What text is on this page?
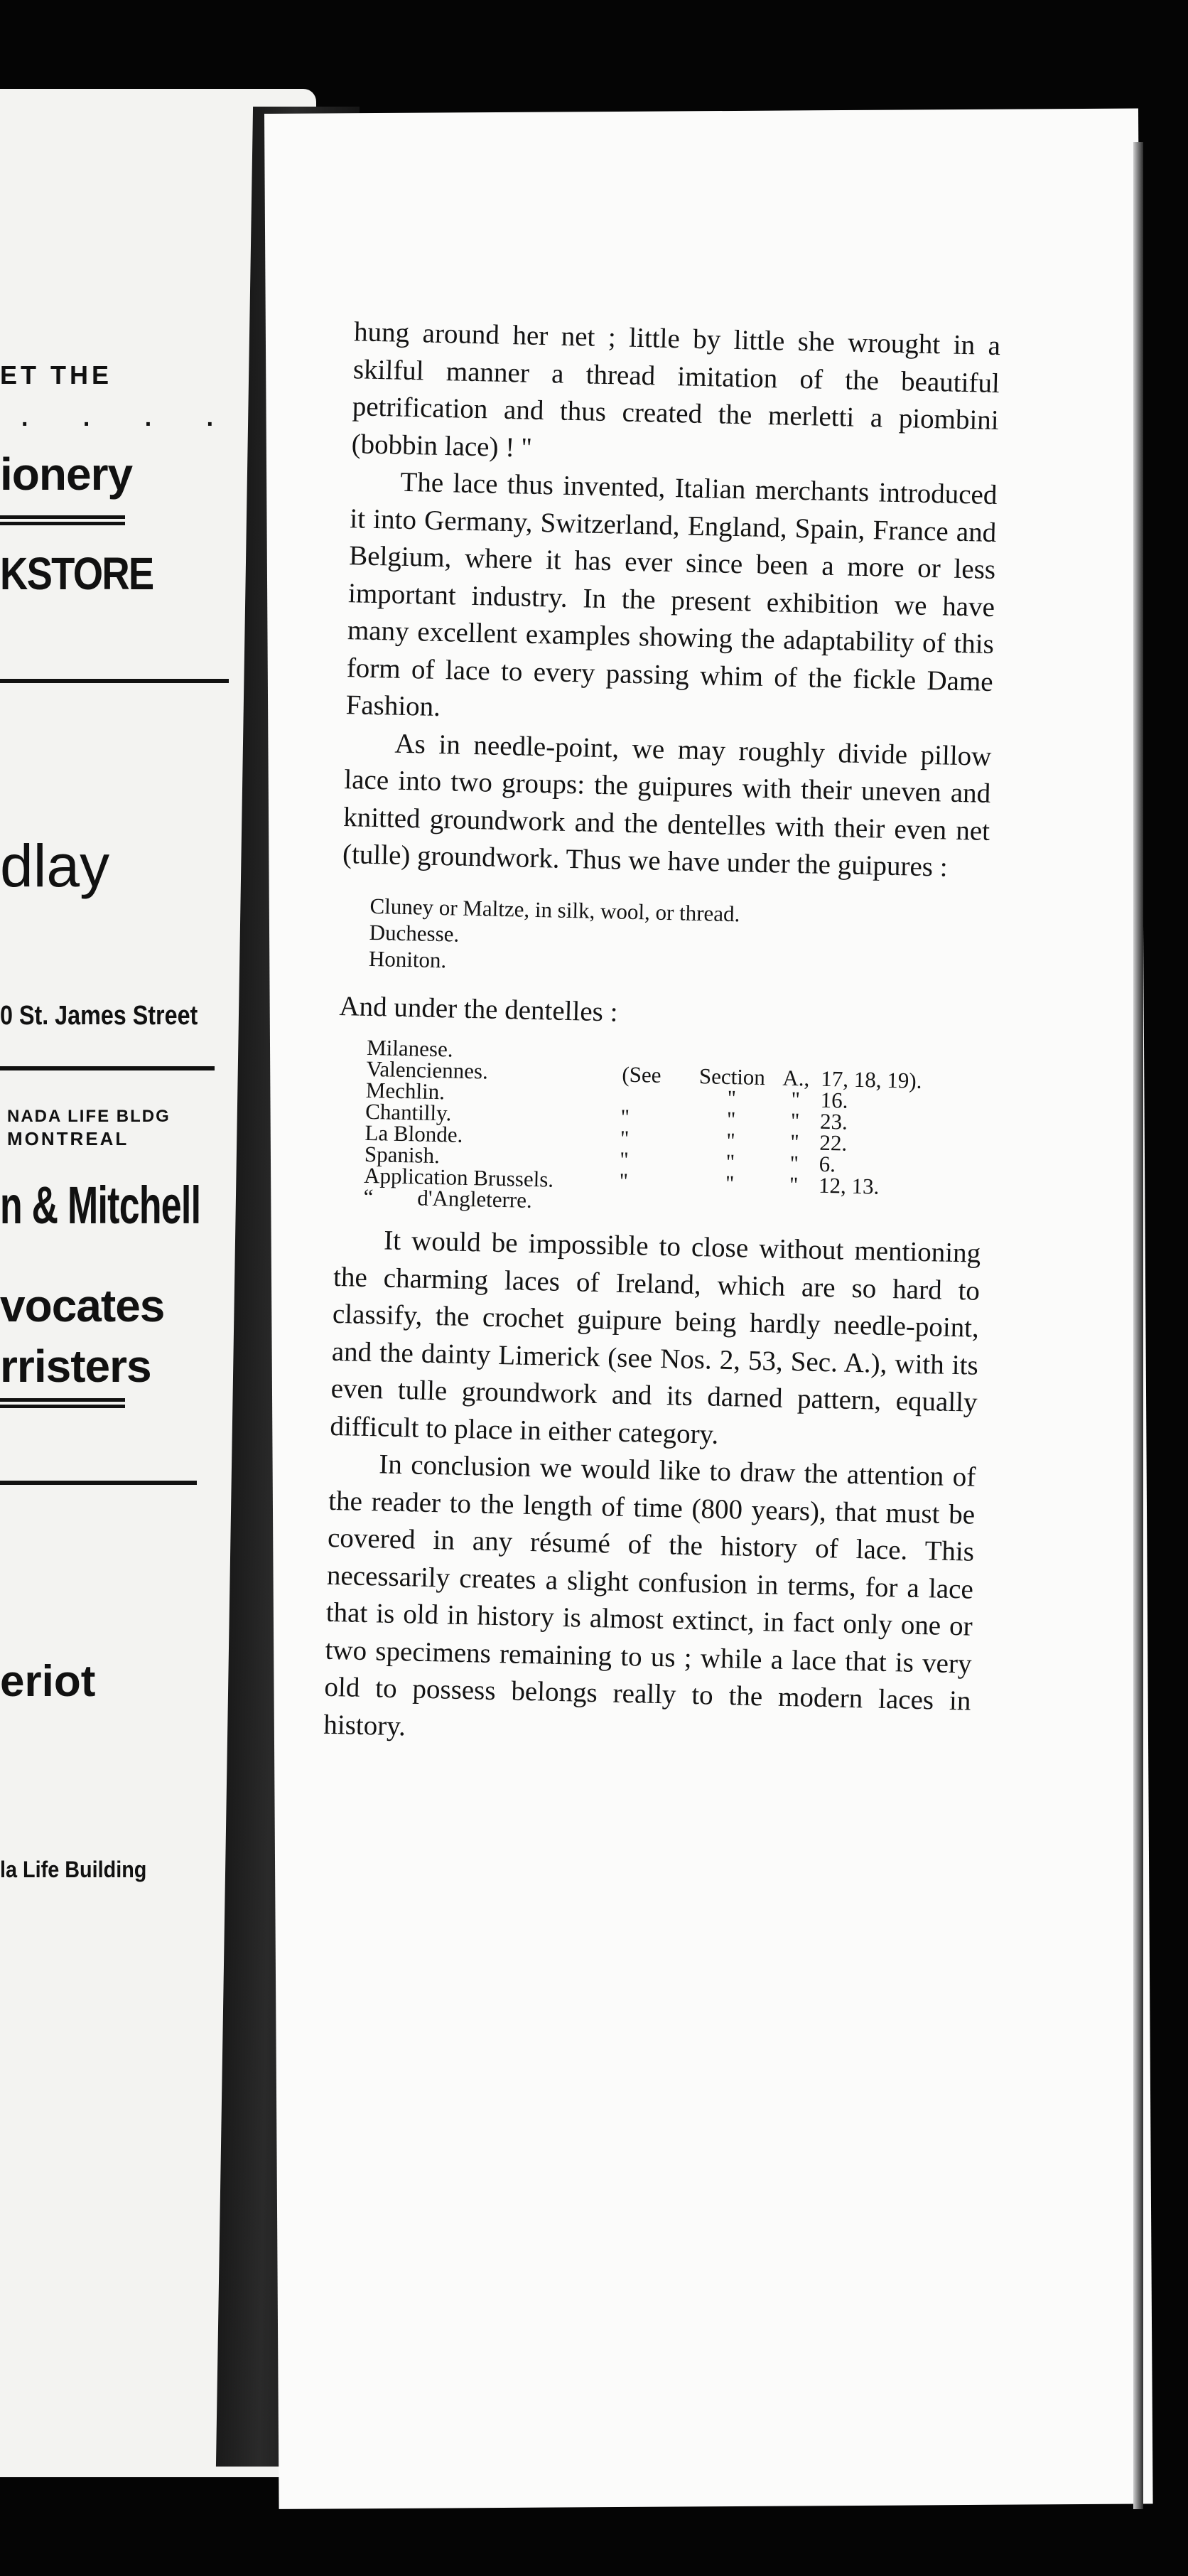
ET THE
. . . .
ionery
KSTORE
dlay
0 St. James Street
NADA LIFE BLDG
MONTREAL
n & Mitchell
vocates
rristers
eriot
la Life Building

hung around her net ; little by little she wrought in a skilful manner a thread imitation of the beautiful petrification and thus created the merletti a piombini (bobbin lace) ! ''

The lace thus invented, Italian merchants introduced it into Germany, Switzerland, England, Spain, France and Belgium, where it has ever since been a more or less important industry. In the present exhibition we have many excellent examples showing the adaptability of this form of lace to every passing whim of the fickle Dame Fashion.

As in needle-point, we may roughly divide pillow lace into two groups: the guipures with their uneven and knitted groundwork and the dentelles with their even net (tulle) groundwork. Thus we have under the guipures :

Cluney or Maltze, in silk, wool, or thread.
Duchesse.
Honiton.

And under the dentelles :

Milanese.				
Valenciennes.	(See	Section	A.,	17, 18, 19).
Mechlin.		''	''	16.
Chantilly.	''	''	''	23.
La Blonde.	''	''	''	22.
Spanish.	''	''	''	6.
Application Brussels.	''	''	''	12, 13.
“        d'Angleterre.				

It would be impossible to close without mentioning the charming laces of Ireland, which are so hard to classify, the crochet guipure being hardly needle-point, and the dainty Limerick (see Nos. 2, 53, Sec. A.), with its even tulle groundwork and its darned pattern, equally difficult to place in either category.

In conclusion we would like to draw the attention of the reader to the length of time (800 years), that must be covered in any résumé of the history of lace. This necessarily creates a slight confusion in terms, for a lace that is old in history is almost extinct, in fact only one or two specimens remaining to us ; while a lace that is very old to possess belongs really to the modern laces in history.
